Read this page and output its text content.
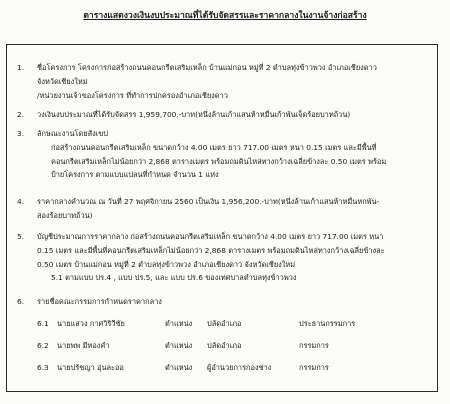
ตารางแสดงวงเงินงบประมาณที่ได้รับจัดสรรและราคากลางในงานจ้างก่อสร้าง
1.	ชื่อโครงการ โครงการก่อสร้างถนนคอนกรีตเสริมเหล็ก บ้านแม่กอน หมู่ที่ 2 ตำบลทุ่งข้าวพวง อำเภอเชียงดาว
จังหวัดเชียงใหม่
/หน่วยงานเจ้าของโครงการ ที่ทำการปกครองอำเภอเชียงดาว
2.	วงเงินงบประมาณที่ได้รับจัดสรร 1,959,700.-บาท(หนึ่งล้านเก้าแสนห้าหมื่นเก้าพันเจ็ดร้อยบาทถ้วน)
3.	ลักษณะงานโดยสังเขป
ก่อสร้างถนนคอนกรีตเสริมเหล็ก ขนาดกว้าง 4.00 เมตร ยาว 717.00 เมตร หนา 0.15 เมตร และมีพื้นที่
คอนกรีตเสริมเหล็กไม่น้อยกว่า 2,868 ตารางเมตร พร้อมถมดินไหล่ทางกว้างเฉลี่ยข้างละ 0.50 เมตร พร้อม
ป้ายโครงการ ตามแบบแปลนที่กำหนด จำนวน 1 แห่ง
4.	ราคากลางคำนวณ ณ วันที่ 27 พฤศจิกายน 2560 เป็นเงิน 1,956,200.-บาท(หนึ่งล้านเก้าแสนห้าหมื่นหกพัน-
สองร้อยบาทถ้วน)
5.	บัญชีประมาณการราคากลาง ก่อสร้างถนนคอนกรีตเสริมเหล็ก ขนาดกว้าง 4.00 เมตร ยาว 717.00 เมตร หนา
0.15 เมตร และมีพื้นที่คอนกรีตเสริมเหล็กไม่น้อยกว่า 2,868 ตารางเมตร พร้อมถมดินไหล่ทางกว้างเฉลี่ยข้างละ
0.50 เมตร บ้านแม่กอน หมู่ที่ 2 ตำบลทุ่งข้าวพวง อำเภอเชียงดาว จังหวัดเชียงใหม่
5.1 ตามแบบ ปร.4 , แบบ ปร.5, และ แบบ ปร.6 ของเทศบาลตำบลทุ่งข้าวพวง
6.	รายชื่อคณะกรรมการกำหนดราคากลาง
6.1 นายแสวง กาศวิริวีซัย	ตำแหน่ง ปลัดอำเภอ	ประธานกรรมการ
6.2 นายพพ มีทองคำ	ตำแหน่ง ปลัดอำเภอ	กรรมการ
6.3 นายปรัชญา อุ่นละออ	ตำแหน่ง ผู้อำนวยการกองช่าง	กรรมการ
